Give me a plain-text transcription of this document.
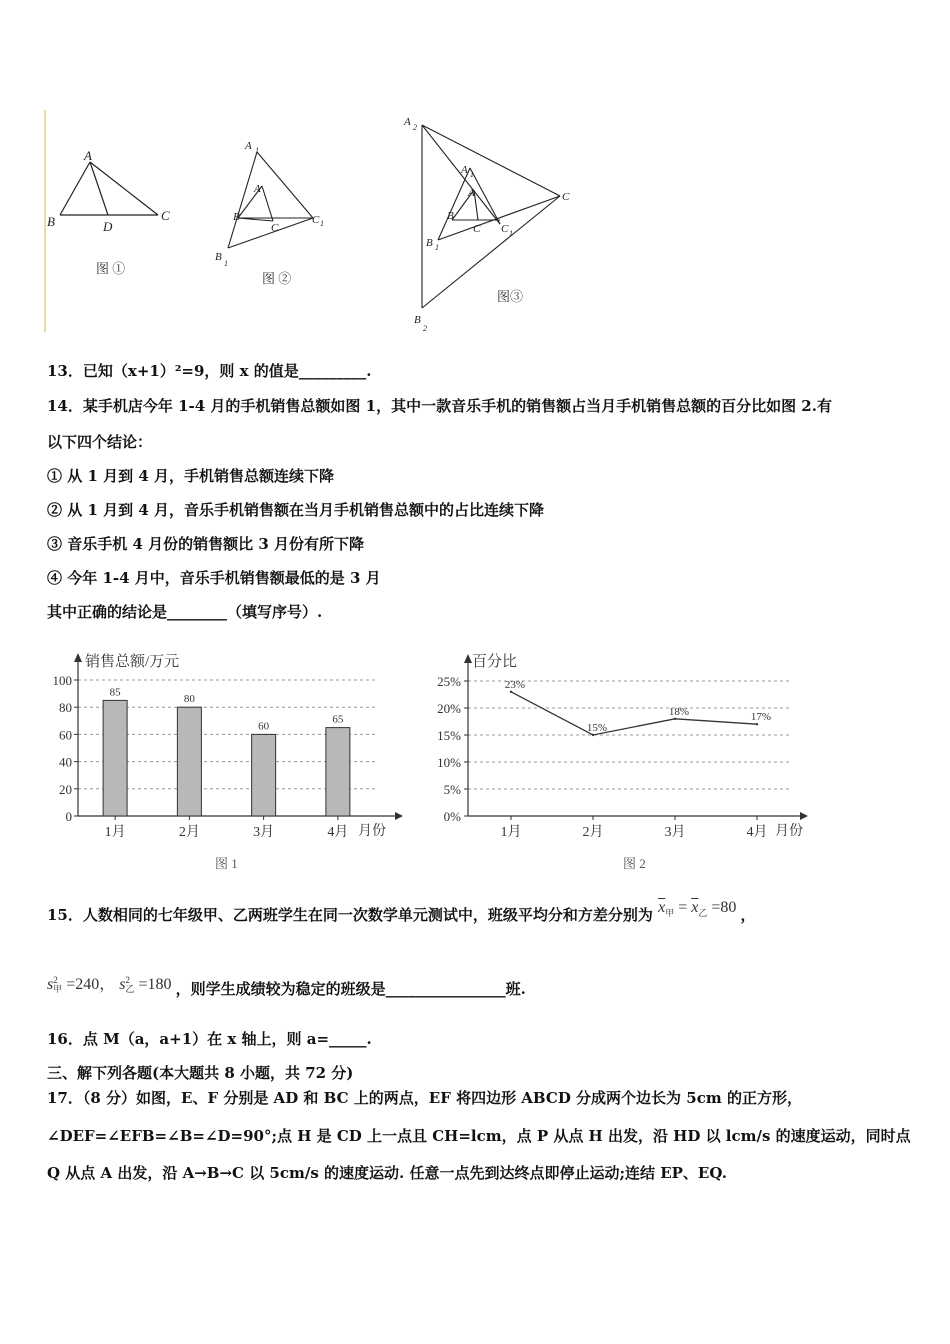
A
B	D
C
图 ①
A 1
A
B
C
C 1
B
1
图 ②
A 2
A 1
A
B
C C 1
B 1
C
B
2
图③
13．已知（x+1）²=9，则 x 的值是_________.
14．某手机店今年 1-4 月的手机销售总额如图 1，其中一款音乐手机的销售额占当月手机销售总额的百分比如图 2.有
以下四个结论：
① 从 1 月到 4 月，手机销售总额连续下降
② 从 1 月到 4 月，音乐手机销售额在当月手机销售总额中的占比连续下降
③ 音乐手机 4 月份的销售额比 3 月份有所下降
④ 今年 1-4 月中，音乐手机销售额最低的是 3 月
其中正确的结论是________（填写序号）.
0
20
40
60
80
100
85
1月
80
2月
60
3月
65
4月
销售总额/万元
月份
图 1
0%
5%
10%
15%
20%
25%	23%
1月
15%
2月
18%
3月
17%
4月
百分比
月份
图 2
15．人数相同的七年级甲、乙两班学生在同一次数学单元测试中，班级平均分和方差分别为 $\overline{x}_甲 = \overline{x}_乙 =80$ ，
s 2
甲 =240， s 2
乙 =180 ，则学生成绩较为稳定的班级是________________班.
16．点 M（a，a+1）在 x 轴上，则 a=_____.
三、解下列各题(本大题共 8 小题，共 72 分)
17．（8 分）如图，E、F 分别是 AD 和 BC 上的两点，EF 将四边形 ABCD 分成两个边长为 5cm 的正方形，
∠DEF=∠EFB=∠B=∠D=90°;点 H 是 CD 上一点且 CH=lcm，点 P 从点 H 出发，沿 HD 以 lcm/s 的速度运动，同时点
Q 从点 A 出发，沿 A→B→C 以 5cm/s 的速度运动. 任意一点先到达终点即停止运动;连结 EP、EQ.
